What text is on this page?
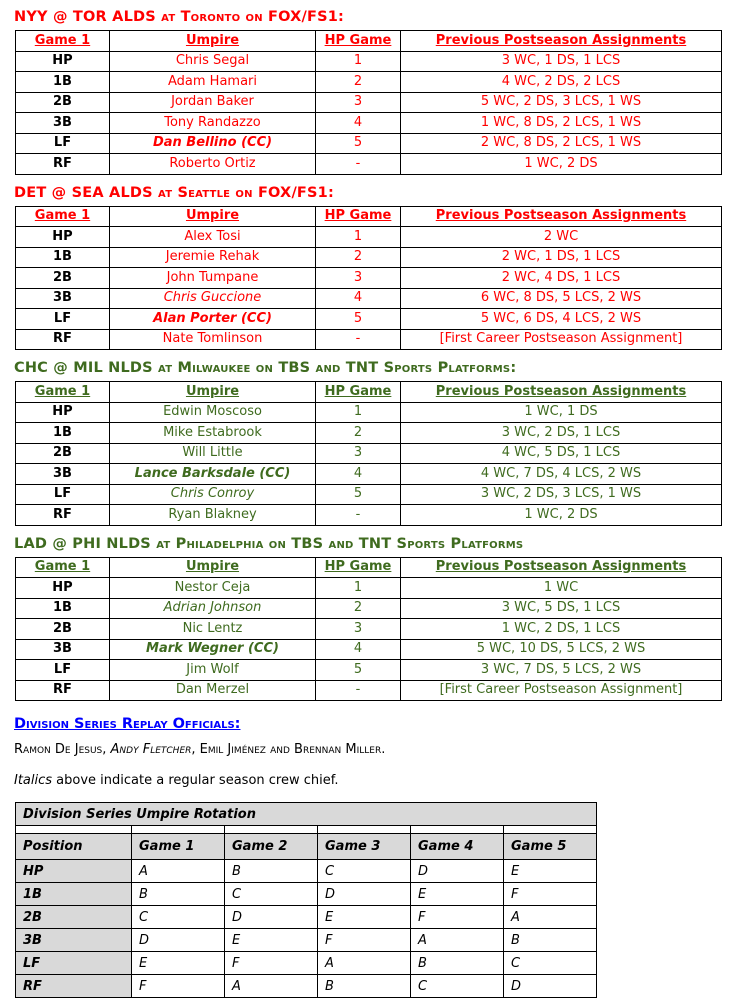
NYY @ TOR ALDS at Toronto on FOX/FS1:
Game 1	Umpire	HP Game	Previous Postseason Assignments
HP	Chris Segal	1	3 WC, 1 DS, 1 LCS
1B	Adam Hamari	2	4 WC, 2 DS, 2 LCS
2B	Jordan Baker	3	5 WC, 2 DS, 3 LCS, 1 WS
3B	Tony Randazzo	4	1 WC, 8 DS, 2 LCS, 1 WS
LF	Dan Bellino (CC)	5	2 WC, 8 DS, 2 LCS, 1 WS
RF	Roberto Ortiz	-	1 WC, 2 DS
DET @ SEA ALDS at Seattle on FOX/FS1:
Game 1	Umpire	HP Game	Previous Postseason Assignments
HP	Alex Tosi	1	2 WC
1B	Jeremie Rehak	2	2 WC, 1 DS, 1 LCS
2B	John Tumpane	3	2 WC, 4 DS, 1 LCS
3B	Chris Guccione	4	6 WC, 8 DS, 5 LCS, 2 WS
LF	Alan Porter (CC)	5	5 WC, 6 DS, 4 LCS, 2 WS
RF	Nate Tomlinson	-	[First Career Postseason Assignment]
CHC @ MIL NLDS at Milwaukee on TBS and TNT Sports Platforms:
Game 1	Umpire	HP Game	Previous Postseason Assignments
HP	Edwin Moscoso	1	1 WC, 1 DS
1B	Mike Estabrook	2	3 WC, 2 DS, 1 LCS
2B	Will Little	3	4 WC, 5 DS, 1 LCS
3B	Lance Barksdale (CC)	4	4 WC, 7 DS, 4 LCS, 2 WS
LF	Chris Conroy	5	3 WC, 2 DS, 3 LCS, 1 WS
RF	Ryan Blakney	-	1 WC, 2 DS
LAD @ PHI NLDS at Philadelphia on TBS and TNT Sports Platforms
Game 1	Umpire	HP Game	Previous Postseason Assignments
HP	Nestor Ceja	1	1 WC
1B	Adrian Johnson	2	3 WC, 5 DS, 1 LCS
2B	Nic Lentz	3	1 WC, 2 DS, 1 LCS
3B	Mark Wegner (CC)	4	5 WC, 10 DS, 5 LCS, 2 WS
LF	Jim Wolf	5	3 WC, 7 DS, 5 LCS, 2 WS
RF	Dan Merzel	-	[First Career Postseason Assignment]
Division Series Replay Officials:

Ramon De Jesus, Andy Fletcher, Emil Jiménez and Brennan Miller.

Italics above indicate a regular season crew chief.

Division Series Umpire Rotation					

Position	Game 1	Game 2	Game 3	Game 4	Game 5
HP	A	B	C	D	E
1B	B	C	D	E	F
2B	C	D	E	F	A
3B	D	E	F	A	B
LF	E	F	A	B	C
RF	F	A	B	C	D
